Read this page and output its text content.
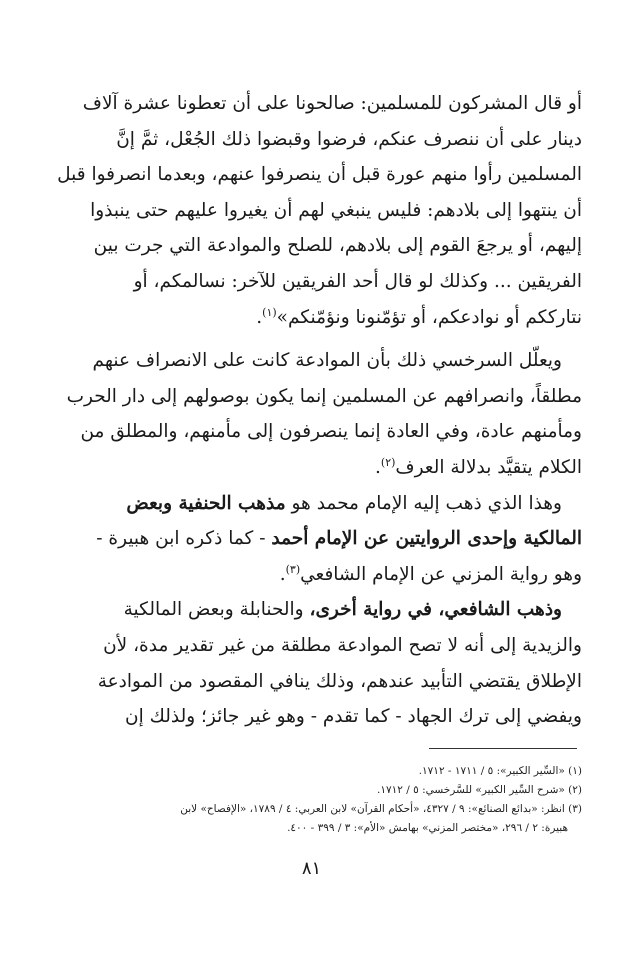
أو قال المشركون للمسلمين: صالحونا على أن تعطونا عشرة آلاف
دينار على أن ننصرف عنكم، فرضوا وقبضوا ذلك الجُعْل، ثمَّ إنَّ
المسلمين رأوا منهم عورة قبل أن ينصرفوا عنهم، وبعدما انصرفوا قبل
أن ينتهوا إلى بلادهم: فليس ينبغي لهم أن يغيروا عليهم حتى ينبذوا
إليهم، أو يرجعَ القوم إلى بلادهم، للصلح والموادعة التي جرت بين
الفريقين ... وكذلك لو قال أحد الفريقين للآخر: نسالمكم، أو
نتارككم أو نوادعكم، أو تؤمّنونا ونؤمّنكم»$^{(١)}$.
ويعلّل السرخسي ذلك بأن الموادعة كانت على الانصراف عنهم
مطلقاً، وانصرافهم عن المسلمين إنما يكون بوصولهم إلى دار الحرب
ومأمنهم عادة، وفي العادة إنما ينصرفون إلى مأمنهم، والمطلق من
الكلام يتقيَّد بدلالة العرف$^{(٢)}$.
وهذا الذي ذهب إليه الإمام محمد هو مذهب الحنفية وبعض
المالكية وإحدى الروايتين عن الإمام أحمد - كما ذكره ابن هبيرة -
وهو رواية المزني عن الإمام الشافعي$^{(٣)}$.
وذهب الشافعي، في رواية أخرى، والحنابلة وبعض المالكية
والزيدية إلى أنه لا تصح الموادعة مطلقة من غير تقدير مدة، لأن
الإطلاق يقتضي التأبيد عندهم، وذلك ينافي المقصود من الموادعة
ويفضي إلى ترك الجهاد - كما تقدم - وهو غير جائز؛ ولذلك إن
(١) «السِّير الكبير»: ٥ / ١٧١١ - ١٧١٢.
(٢) «شرح السِّير الكبير» للسَّرخسي: ٥ / ١٧١٢.
(٣) انظر: «بدائع الصنائع»: ٩ / ٤٣٢٧، «أحكام القرآن» لابن العربي: ٤ / ١٧٨٩، «الإفصاح» لابن
هبيرة: ٢ / ٢٩٦، «مختصر المزني» بهامش «الأم»: ٣ / ٣٩٩ - ٤٠٠.
٨١
